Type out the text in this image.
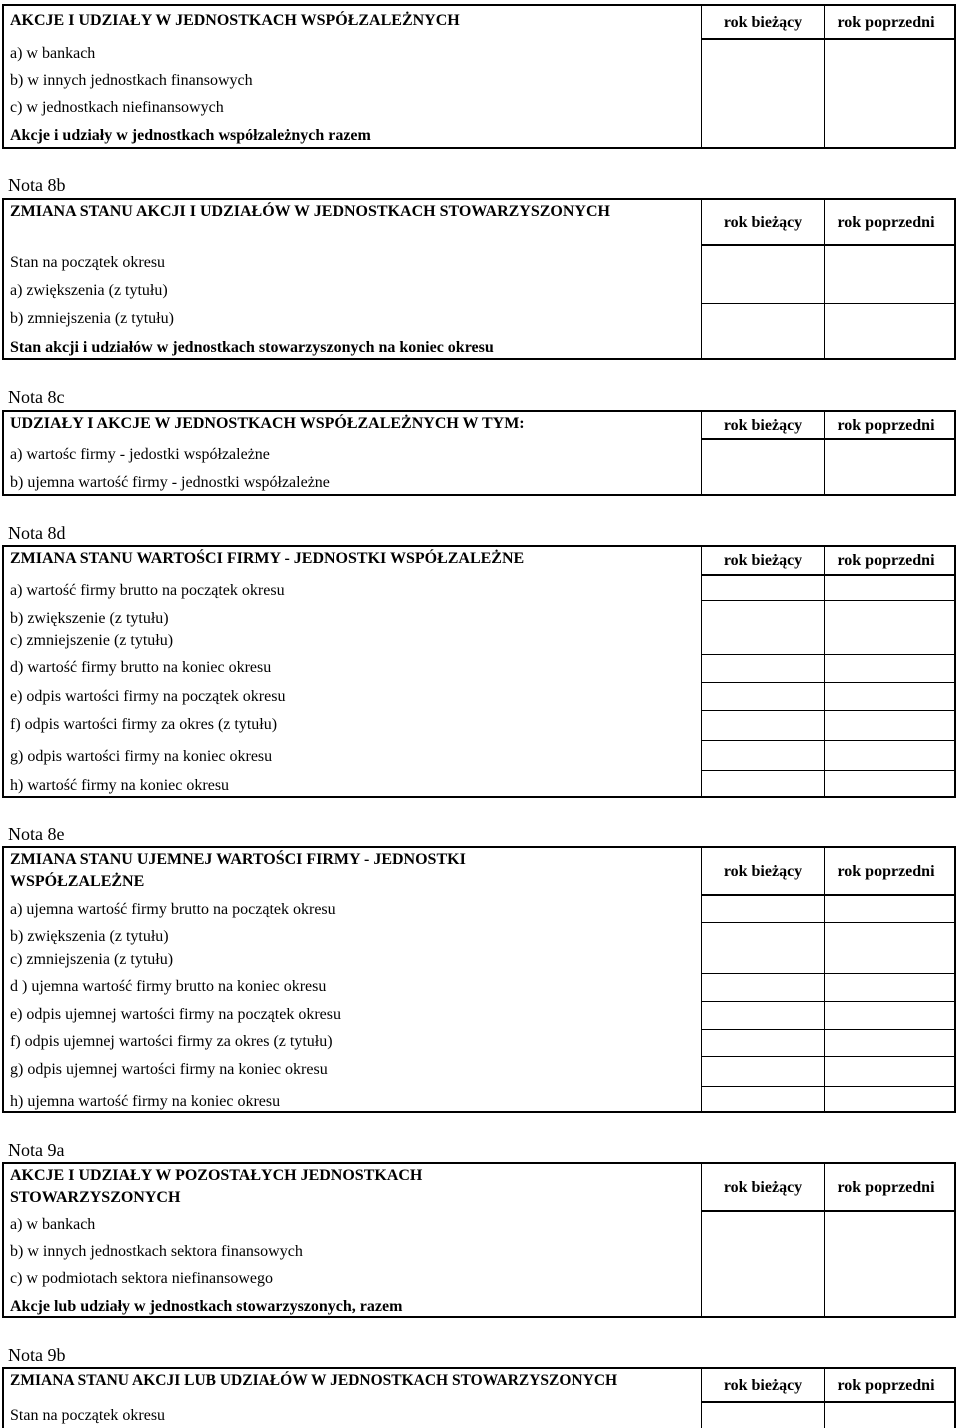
AKCJE I UDZIAŁY W JEDNOSTKACH WSPÓŁZALEŻNYCH	rok bieżący	rok poprzedni
a) w bankach
b) w innych jednostkach finansowych
c) w jednostkach niefinansowych
Akcje i udziały w jednostkach współzależnych razem
Nota 8b
ZMIANA STANU AKCJI I UDZIAŁÓW W JEDNOSTKACH STOWARZYSZONYCH
rok bieżący	rok poprzedni
Stan na początek okresu
a) zwiększenia (z tytułu)
b) zmniejszenia (z tytułu)
Stan akcji i udziałów w jednostkach stowarzyszonych na koniec okresu
Nota 8c
UDZIAŁY I AKCJE W JEDNOSTKACH WSPÓŁZALEŻNYCH W TYM:	rok bieżący	rok poprzedni
a) wartośc firmy - jedostki współzależne
b) ujemna wartość firmy - jednostki współzależne
Nota 8d
ZMIANA STANU WARTOŚCI FIRMY - JEDNOSTKI WSPÓŁZALEŻNE	rok bieżący	rok poprzedni
a) wartość firmy brutto na początek okresu
b) zwiększenie (z tytułu)
c) zmniejszenie (z tytułu)
d) wartość firmy brutto na koniec okresu
e) odpis wartości firmy na początek okresu
f) odpis wartości firmy za okres (z tytułu)
g) odpis wartości firmy na koniec okresu
h) wartość firmy na koniec okresu
Nota 8e
ZMIANA STANU UJEMNEJ WARTOŚCI FIRMY - JEDNOSTKI WSPÓŁZALEŻNE
rok bieżący	rok poprzedni
a) ujemna wartość firmy brutto na początek okresu
b) zwiększenia (z tytułu)
c) zmniejszenia (z tytułu)
d ) ujemna wartość firmy brutto na koniec okresu
e) odpis ujemnej wartości firmy na początek okresu
f) odpis ujemnej wartości firmy za okres (z tytułu)
g) odpis ujemnej wartości firmy na koniec okresu
h) ujemna wartość firmy na koniec okresu
Nota 9a
AKCJE I UDZIAŁY W POZOSTAŁYCH JEDNOSTKACH STOWARZYSZONYCH
rok bieżący	rok poprzedni
a) w bankach
b) w innych jednostkach sektora finansowych
c) w podmiotach sektora niefinansowego
Akcje lub udziały w jednostkach stowarzyszonych, razem
Nota 9b
ZMIANA STANU AKCJI LUB UDZIAŁÓW W JEDNOSTKACH STOWARZYSZONYCH	rok bieżący	rok poprzedni
Stan na początek okresu
